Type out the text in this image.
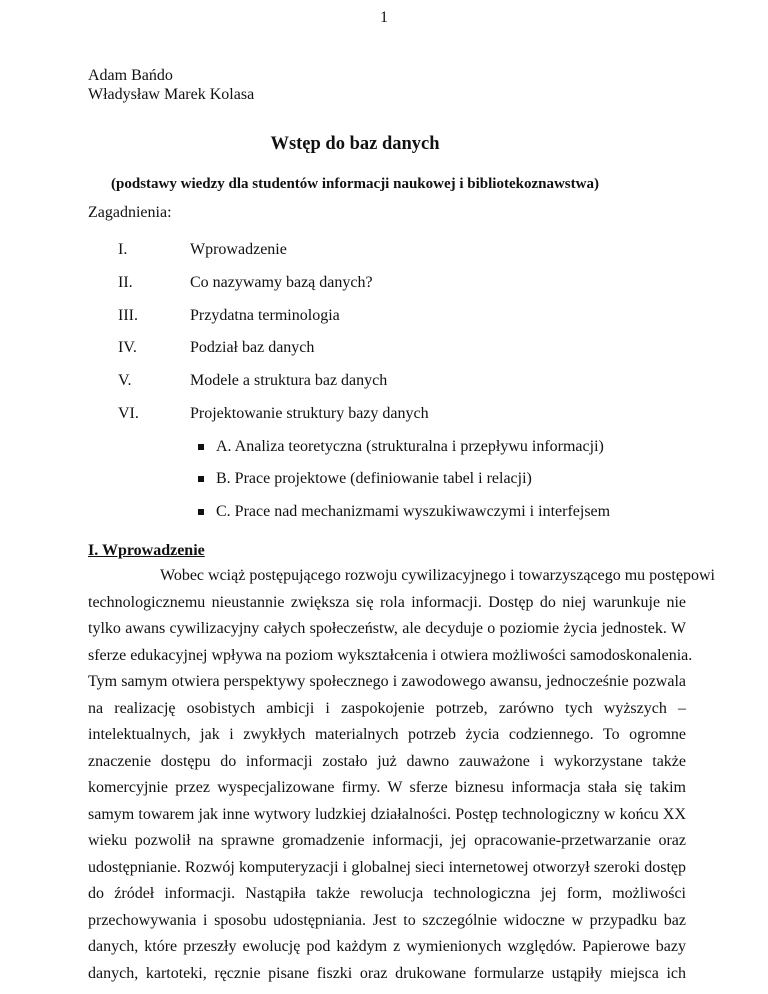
1
Adam Bańdo
Władysław Marek Kolasa
Wstęp do baz danych
(podstawy wiedzy dla studentów informacji naukowej i bibliotekoznawstwa)
Zagadnienia:
I.	Wprowadzenie
II.	Co nazywamy bazą danych?
III.	Przydatna terminologia
IV.	Podział baz danych
V.	Modele a struktura baz danych
VI.	Projektowanie struktury bazy danych
A. Analiza teoretyczna (strukturalna i przepływu informacji)
B. Prace projektowe (definiowanie tabel i relacji)
C. Prace nad mechanizmami wyszukiwawczymi i interfejsem
I. Wprowadzenie
Wobec wciąż postępującego rozwoju cywilizacyjnego i towarzyszącego mu postępowi
technologicznemu nieustannie zwiększa się rola informacji. Dostęp do niej warunkuje nie
tylko awans cywilizacyjny całych społeczeństw, ale decyduje o poziomie życia jednostek. W
sferze edukacyjnej wpływa na poziom wykształcenia i otwiera możliwości samodoskonalenia.
Tym samym otwiera perspektywy społecznego i zawodowego awansu, jednocześnie pozwala
na realizację osobistych ambicji i zaspokojenie potrzeb, zarówno tych wyższych –
intelektualnych, jak i zwykłych materialnych potrzeb życia codziennego. To ogromne
znaczenie dostępu do informacji zostało już dawno zauważone i wykorzystane także
komercyjnie przez wyspecjalizowane firmy. W sferze biznesu informacja stała się takim
samym towarem jak inne wytwory ludzkiej działalności. Postęp technologiczny w końcu XX
wieku pozwolił na sprawne gromadzenie informacji, jej opracowanie-przetwarzanie oraz
udostępnianie. Rozwój komputeryzacji i globalnej sieci internetowej otworzył szeroki dostęp
do źródeł informacji. Nastąpiła także rewolucja technologiczna jej form, możliwości
przechowywania i sposobu udostępniania. Jest to szczególnie widoczne w przypadku baz
danych, które przeszły ewolucję pod każdym z wymienionych względów. Papierowe bazy
danych, kartoteki, ręcznie pisane fiszki oraz drukowane formularze ustąpiły miejsca ich
